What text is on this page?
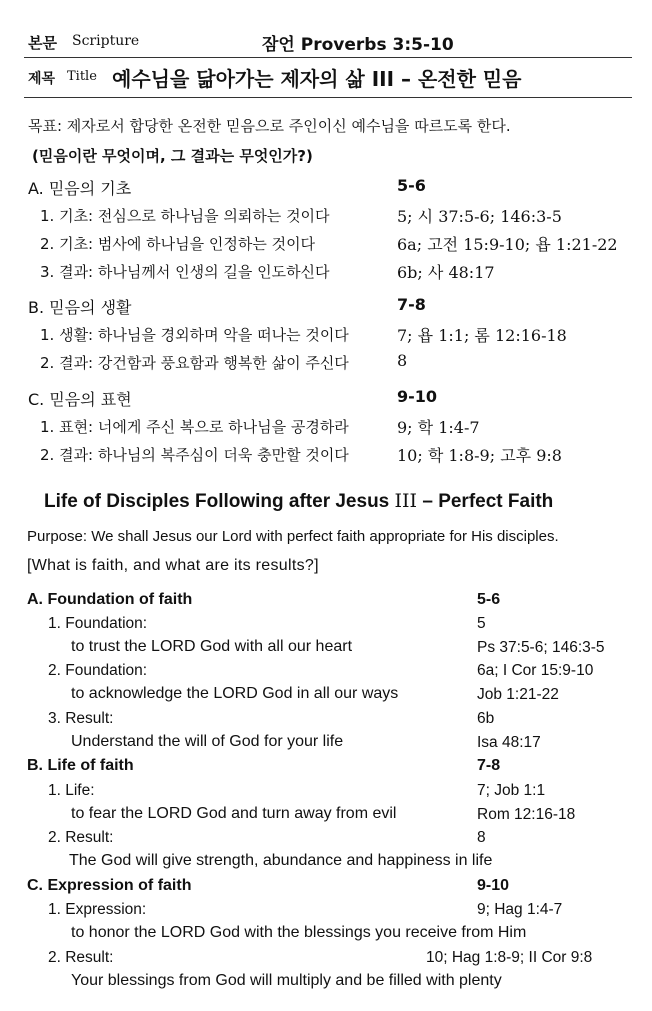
본문 Scripture	잠언 Proverbs 3:5-10
제목 Title 예수님을 닮아가는 제자의 삶 III – 온전한 믿음
목표: 제자로서 합당한 온전한 믿음으로 주인이신 예수님을 따르도록 한다.
(믿음이란 무엇이며, 그 결과는 무엇인가?)
A. 믿음의 기초	5-6
1. 기초: 전심으로 하나님을 의뢰하는 것이다	5; 시 37:5-6; 146:3-5
2. 기초: 범사에 하나님을 인정하는 것이다	6a; 고전 15:9-10; 욥 1:21-22
3. 결과: 하나님께서 인생의 길을 인도하신다	6b; 사 48:17
B. 믿음의 생활	7-8
1. 생활: 하나님을 경외하며 악을 떠나는 것이다	7; 욥 1:1; 롬 12:16-18
2. 결과: 강건함과 풍요함과 행복한 삶이 주신다	8
C. 믿음의 표현	9-10
1. 표현: 너에게 주신 복으로 하나님을 공경하라	9; 학 1:4-7
2. 결과: 하나님의 복주심이 더욱 충만할 것이다	10; 학 1:8-9; 고후 9:8
Life of Disciples Following after Jesus III – Perfect Faith
Purpose: We shall Jesus our Lord with perfect faith appropriate for His disciples.
[What is faith, and what are its results?]
A. Foundation of faith	5-6
1. Foundation:	5
to trust the LORD God with all our heart	Ps 37:5-6; 146:3-5
2. Foundation:	6a; I Cor 15:9-10
to acknowledge the LORD God in all our ways	Job 1:21-22
3. Result:	6b
Understand the will of God for your life	Isa 48:17
B. Life of faith	7-8
1. Life:	7; Job 1:1
to fear the LORD God and turn away from evil	Rom 12:16-18
2. Result:	8
The God will give strength, abundance and happiness in life
C. Expression of faith	9-10
1. Expression:	9; Hag 1:4-7
to honor the LORD God with the blessings you receive from Him
2. Result:	10; Hag 1:8-9; II Cor 9:8
Your blessings from God will multiply and be filled with plenty
